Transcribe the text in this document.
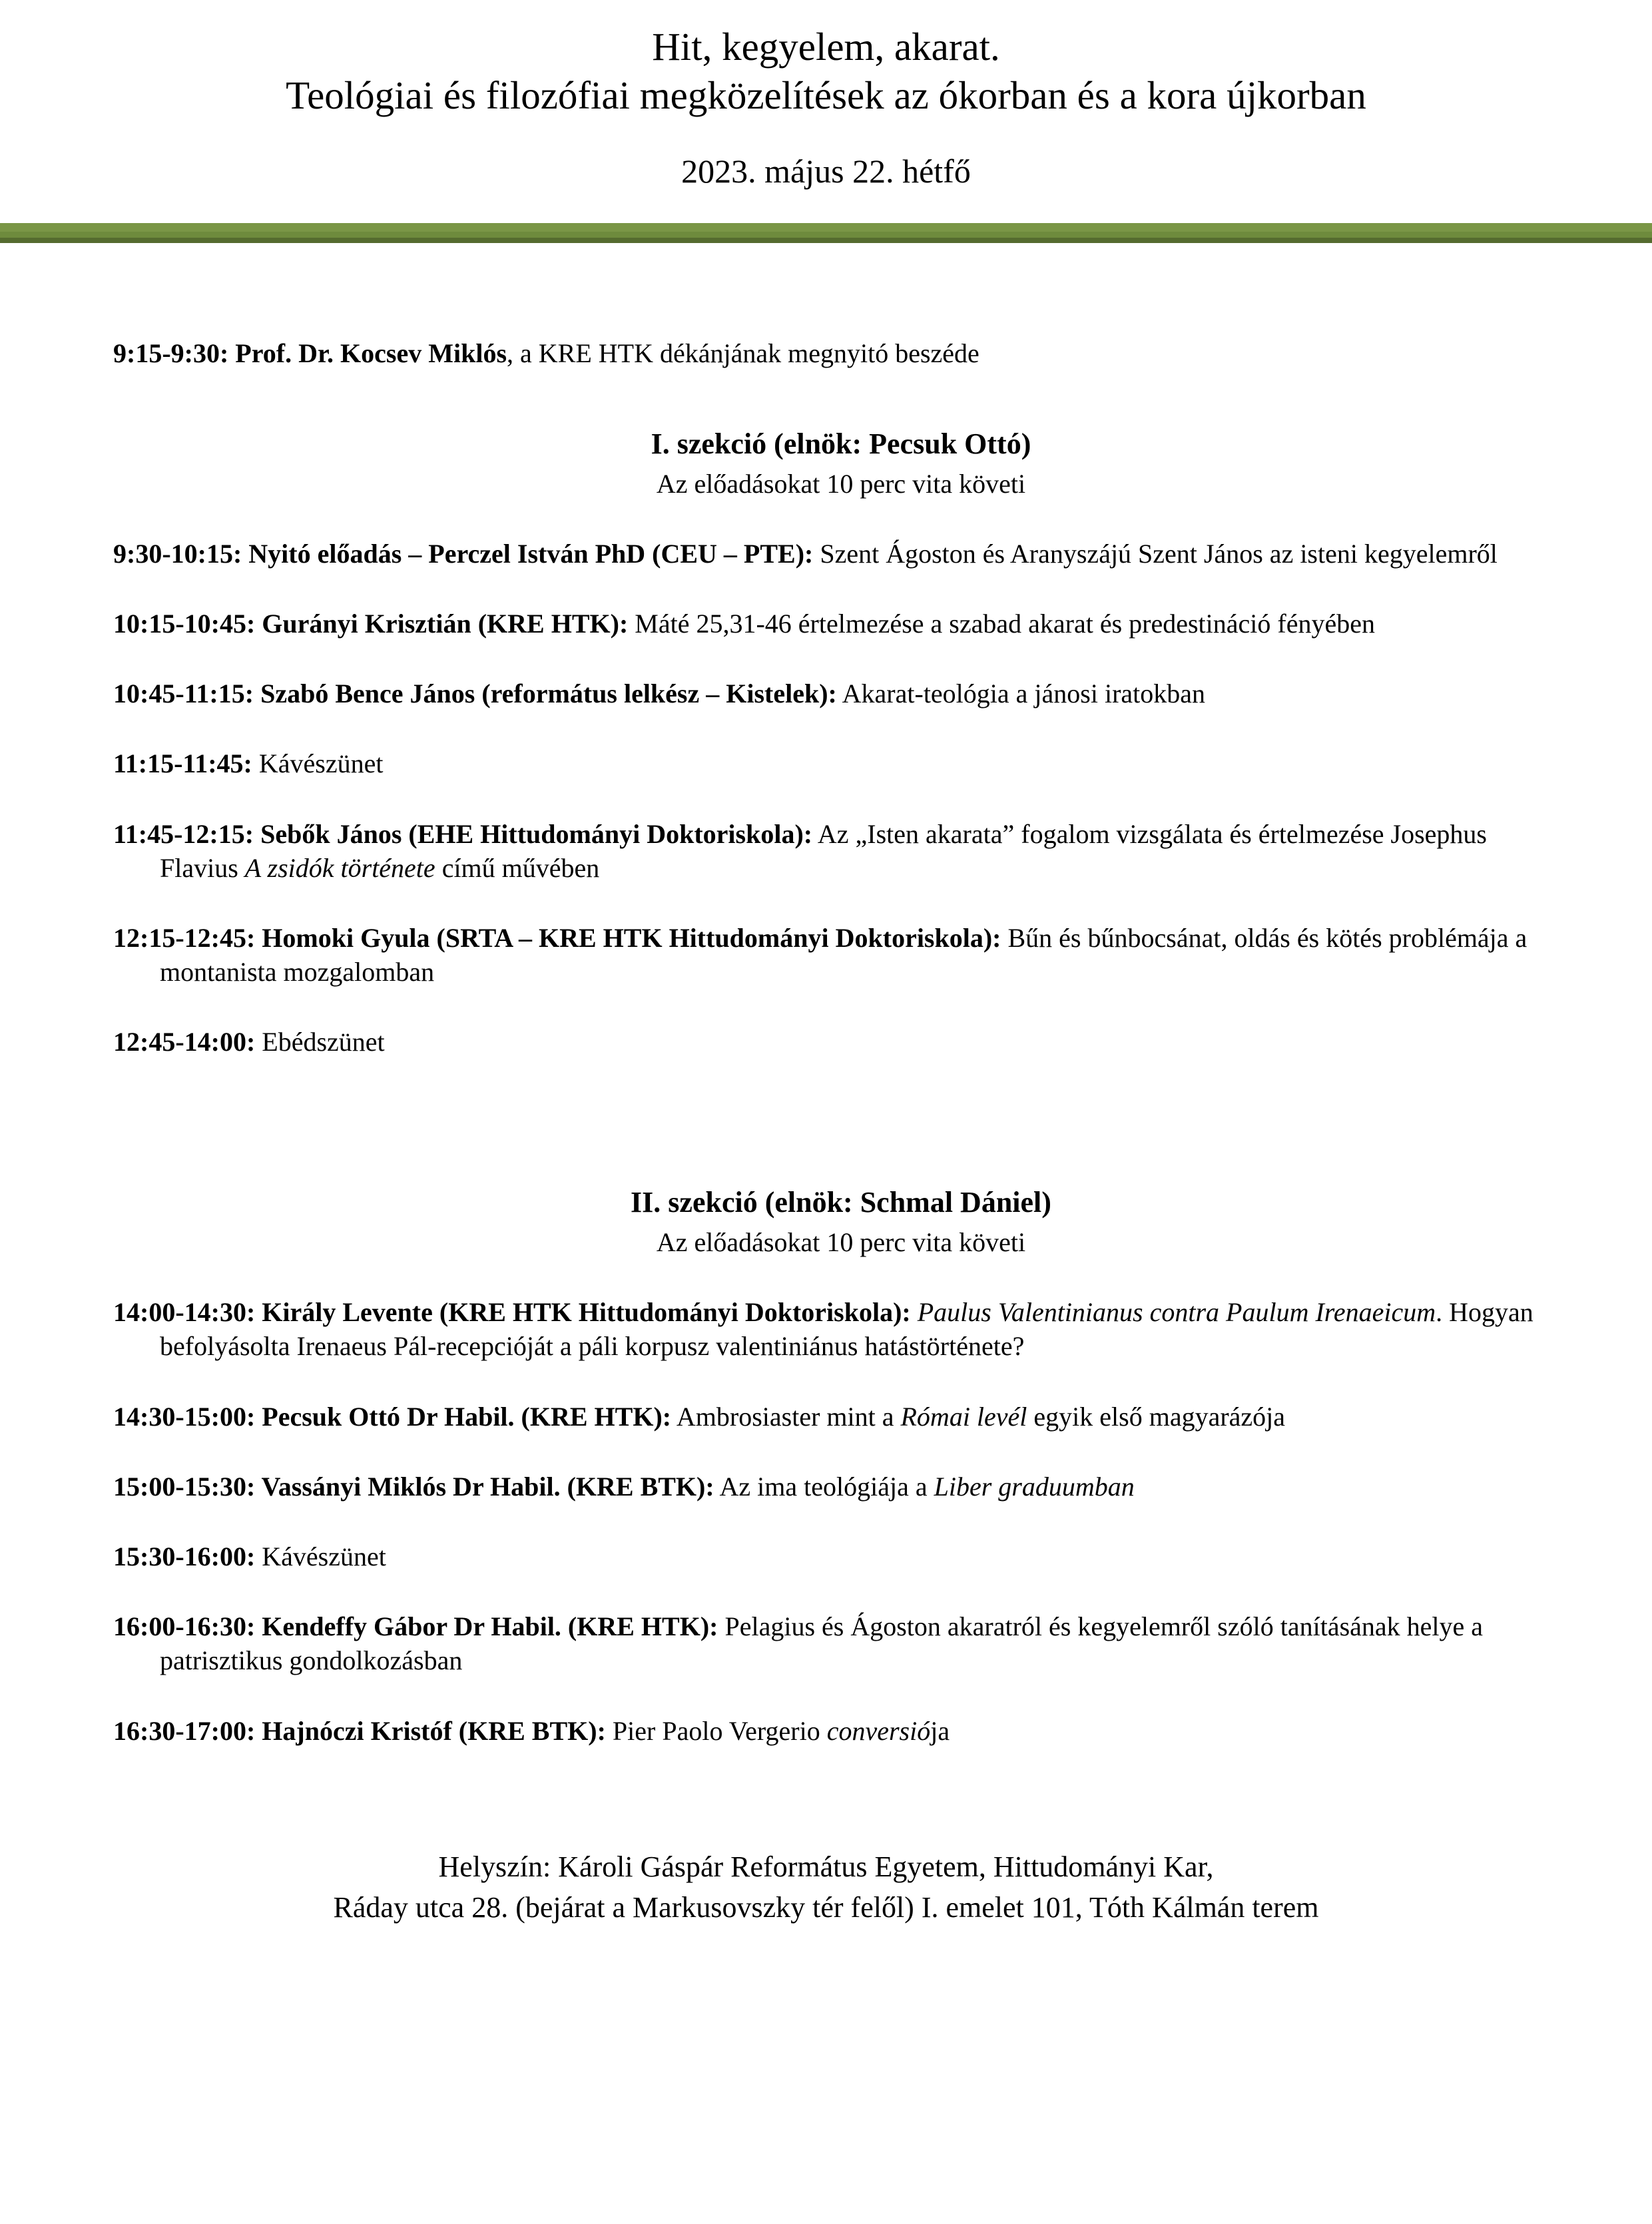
Hit, kegyelem, akarat.
Teológiai és filozófiai megközelítések az ókorban és a kora újkorban
2023. május 22. hétfő
9:15-9:30: Prof. Dr. Kocsev Miklós, a KRE HTK dékánjának megnyitó beszéde
I. szekció (elnök: Pecsuk Ottó)
Az előadásokat 10 perc vita követi
9:30-10:15: Nyitó előadás – Perczel István PhD (CEU – PTE): Szent Ágoston és Aranyszájú Szent János az isteni kegyelemről
10:15-10:45: Gurányi Krisztián (KRE HTK): Máté 25,31-46 értelmezése a szabad akarat és predestináció fényében
10:45-11:15: Szabó Bence János (református lelkész – Kistelek): Akarat-teológia a jánosi iratokban
11:15-11:45: Kávészünet
11:45-12:15: Sebők János (EHE Hittudományi Doktoriskola): Az „Isten akarata” fogalom vizsgálata és értelmezése Josephus Flavius A zsidók története című művében
12:15-12:45: Homoki Gyula (SRTA – KRE HTK Hittudományi Doktoriskola): Bűn és bűnbocsánat, oldás és kötés problémája a montanista mozgalomban
12:45-14:00: Ebédszünet
II. szekció (elnök: Schmal Dániel)
Az előadásokat 10 perc vita követi
14:00-14:30: Király Levente (KRE HTK Hittudományi Doktoriskola): Paulus Valentinianus contra Paulum Irenaeicum. Hogyan befolyásolta Irenaeus Pál-recepcióját a páli korpusz valentiniánus hatástörténete?
14:30-15:00: Pecsuk Ottó Dr Habil. (KRE HTK): Ambrosiaster mint a Római levél egyik első magyarázója
15:00-15:30: Vassányi Miklós Dr Habil. (KRE BTK): Az ima teológiája a Liber graduumban
15:30-16:00: Kávészünet
16:00-16:30: Kendeffy Gábor Dr Habil. (KRE HTK): Pelagius és Ágoston akaratról és kegyelemről szóló tanításának helye a patrisztikus gondolkozásban
16:30-17:00: Hajnóczi Kristóf (KRE BTK): Pier Paolo Vergerio conversiója
Helyszín: Károli Gáspár Református Egyetem, Hittudományi Kar,
Ráday utca 28. (bejárat a Markusovszky tér felől) I. emelet 101, Tóth Kálmán terem
